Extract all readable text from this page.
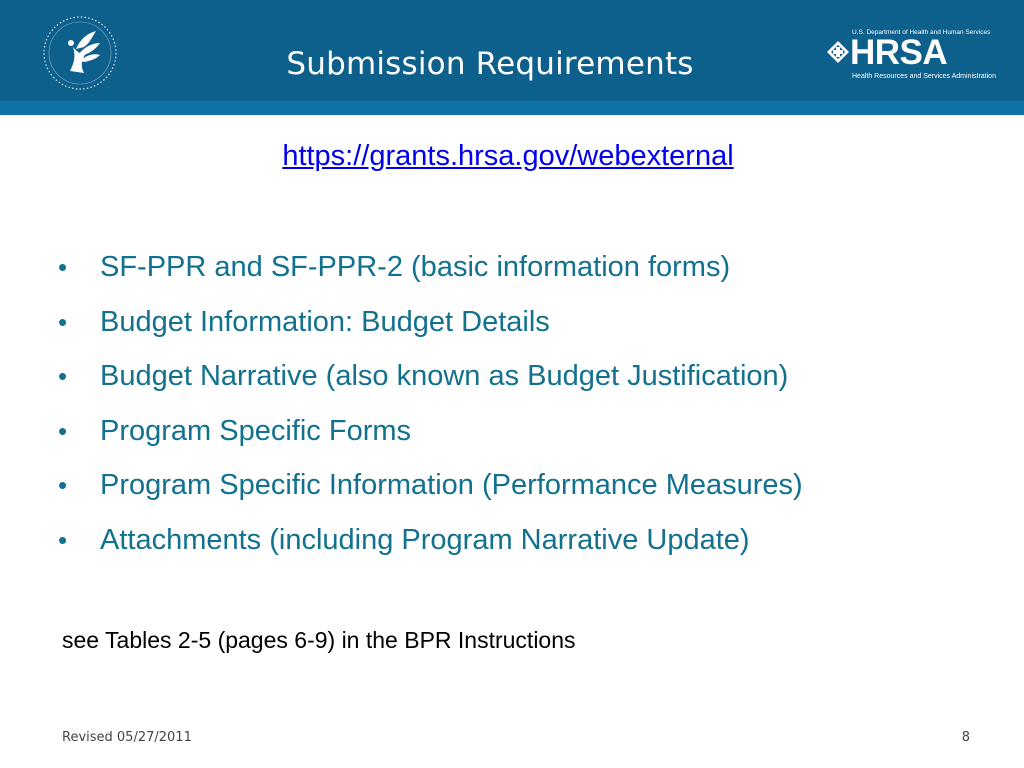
Submission Requirements
U.S. Department of Health and Human Services
HRSA
Health Resources and Services Administration
https://grants.hrsa.gov/webexternal
• SF-PPR and SF-PPR-2 (basic information forms)
• Budget Information: Budget Details
• Budget Narrative (also known as Budget Justification)
• Program Specific Forms
• Program Specific Information (Performance Measures)
• Attachments (including Program Narrative Update)
see Tables 2-5 (pages 6-9) in the BPR Instructions
Revised 05/27/2011	8
